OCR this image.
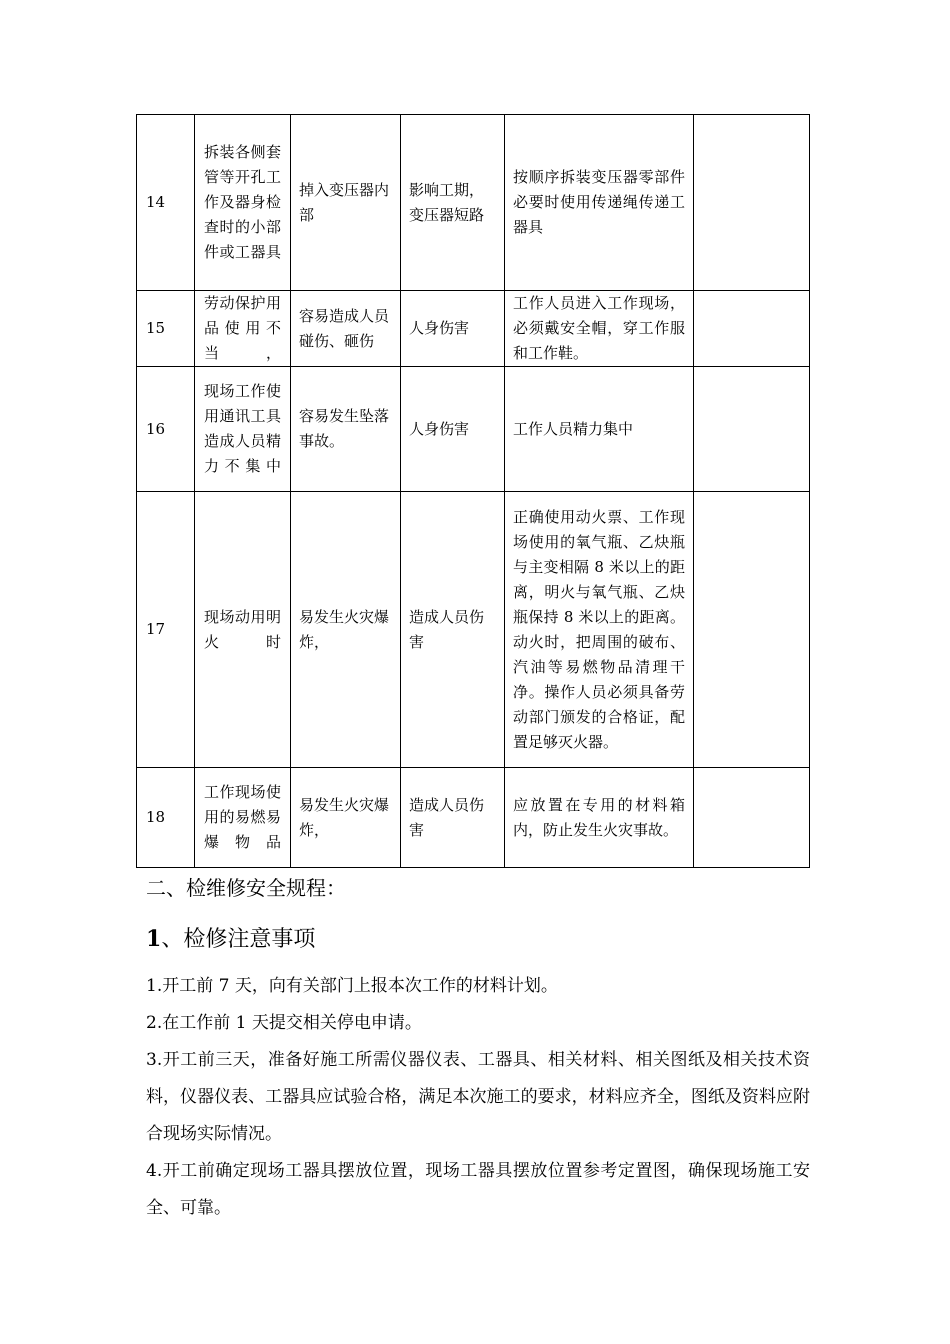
14	拆装各侧套管等开孔工作及器身检查时的小部件或工器具	掉入变压器内部	影响工期，变压器短路	按顺序拆装变压器零部件必要时使用传递绳传递工器具	
15	劳动保护用品使用不当，	容易造成人员碰伤、砸伤	人身伤害	工作人员进入工作现场，必须戴安全帽，穿工作服和工作鞋。	
16	现场工作使用通讯工具造成人员精力不集中	容易发生坠落事故。	人身伤害	工作人员精力集中	
17	现场动用明火时	易发生火灾爆炸，	造成人员伤害	正确使用动火票、工作现场使用的氧气瓶、乙炔瓶与主变相隔 8 米以上的距离，明火与氧气瓶、乙炔瓶保持 8 米以上的距离。动火时，把周围的破布、汽油等易燃物品清理干净。操作人员必须具备劳动部门颁发的合格证，配置足够灭火器。	
18	工作现场使用的易燃易爆物品	易发生火灾爆炸，	造成人员伤害	应放置在专用的材料箱内，防止发生火灾事故。	
二、检维修安全规程：
1、检修注意事项

1.开工前 7 天，向有关部门上报本次工作的材料计划。

2.在工作前 1 天提交相关停电申请。

3.开工前三天，准备好施工所需仪器仪表、工器具、相关材料、相关图纸及相关技术资料，仪器仪表、工器具应试验合格，满足本次施工的要求，材料应齐全，图纸及资料应附合现场实际情况。

4.开工前确定现场工器具摆放位置，现场工器具摆放位置参考定置图，确保现场施工安全、可靠。
